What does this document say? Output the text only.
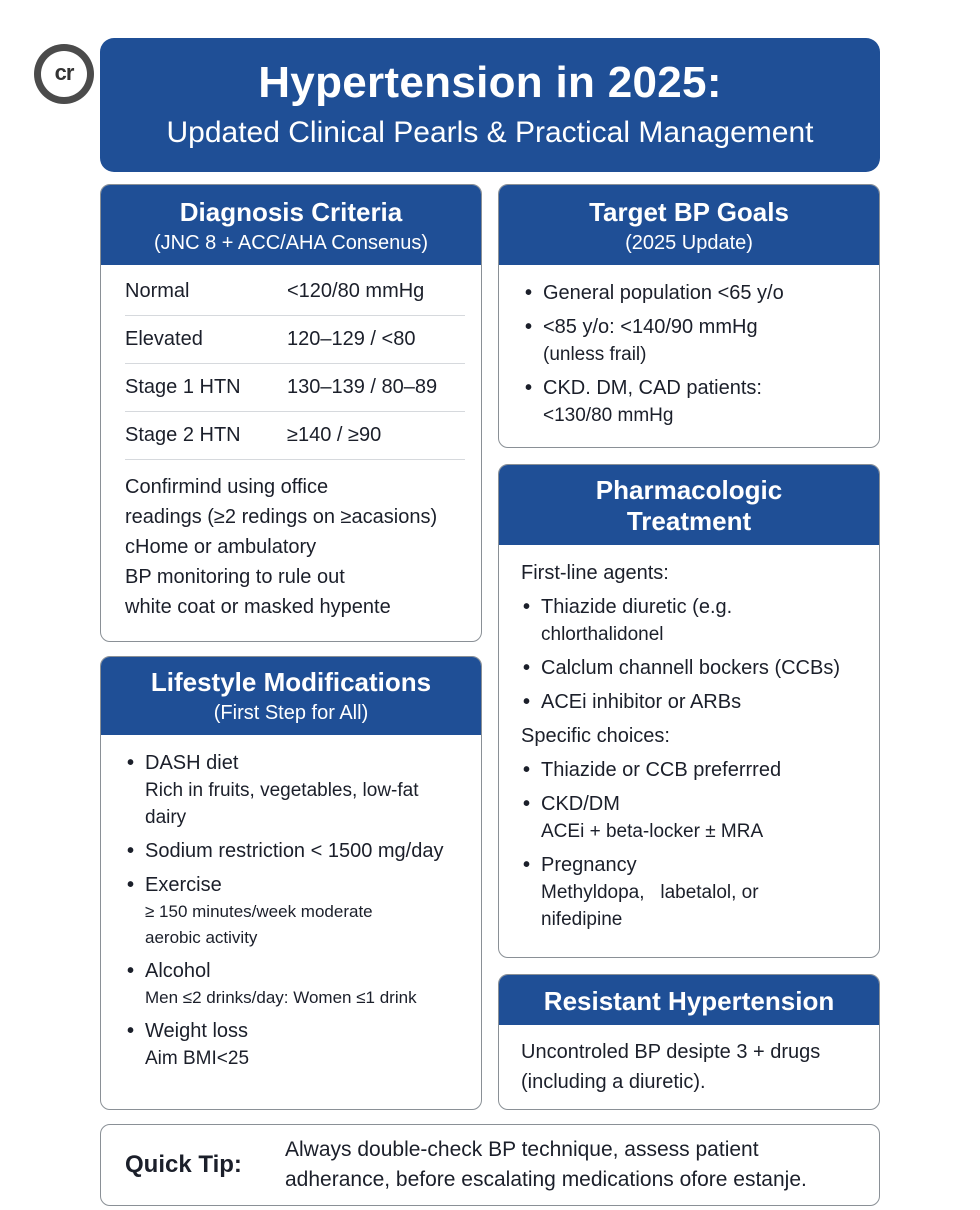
cr	Hypertension in 2025:
Updated Clinical Pearls & Practical Management
Diagnosis Criteria
(JNC 8 + ACC/AHA Consenus)
Normal	<120/80 mmHg
Elevated	120–129 / <80
Stage 1 HTN	130–139 / 80–89
Stage 2 HTN	≥140 / ≥90
Confirmind using office
readings (≥2 redings on ≥acasions)
cHome or ambulatory
BP monitoring to rule out
white coat or masked hypente
Target BP Goals
(2025 Update)
• General population <65 y/o
• <85 y/o: <140/90 mmHg
(unless frail)
• CKD. DM, CAD patients:
<130/80 mmHg
Pharmacologic
Treatment
First-line agents:
• Thiazide diuretic (e.g.
chlorthalidonel
• Calclum channell bockers (CCBs)
• ACEi inhibitor or ARBs
Specific choices:
• Thiazide or CCB preferrred
• CKD/DM
ACEi + beta-locker ± MRA
• Pregnancy
Methyldopa,   labetalol, or
nifedipine
Lifestyle Modifications
(First Step for All)
• DASH diet
Rich in fruits, vegetables, low-fat
dairy
• Sodium restriction < 1500 mg/day
• Exercise
≥ 150 minutes/week moderate
aerobic activity
• Alcohol
Men ≤2 drinks/day: Women ≤1 drink
• Weight loss
Aim BMI<25
Resistant Hypertension
Uncontroled BP desipte 3 + drugs
(including a diuretic).
Quick Tip:
Always double-check BP technique, assess patient
adherance, before escalating medications ofore estanje.
